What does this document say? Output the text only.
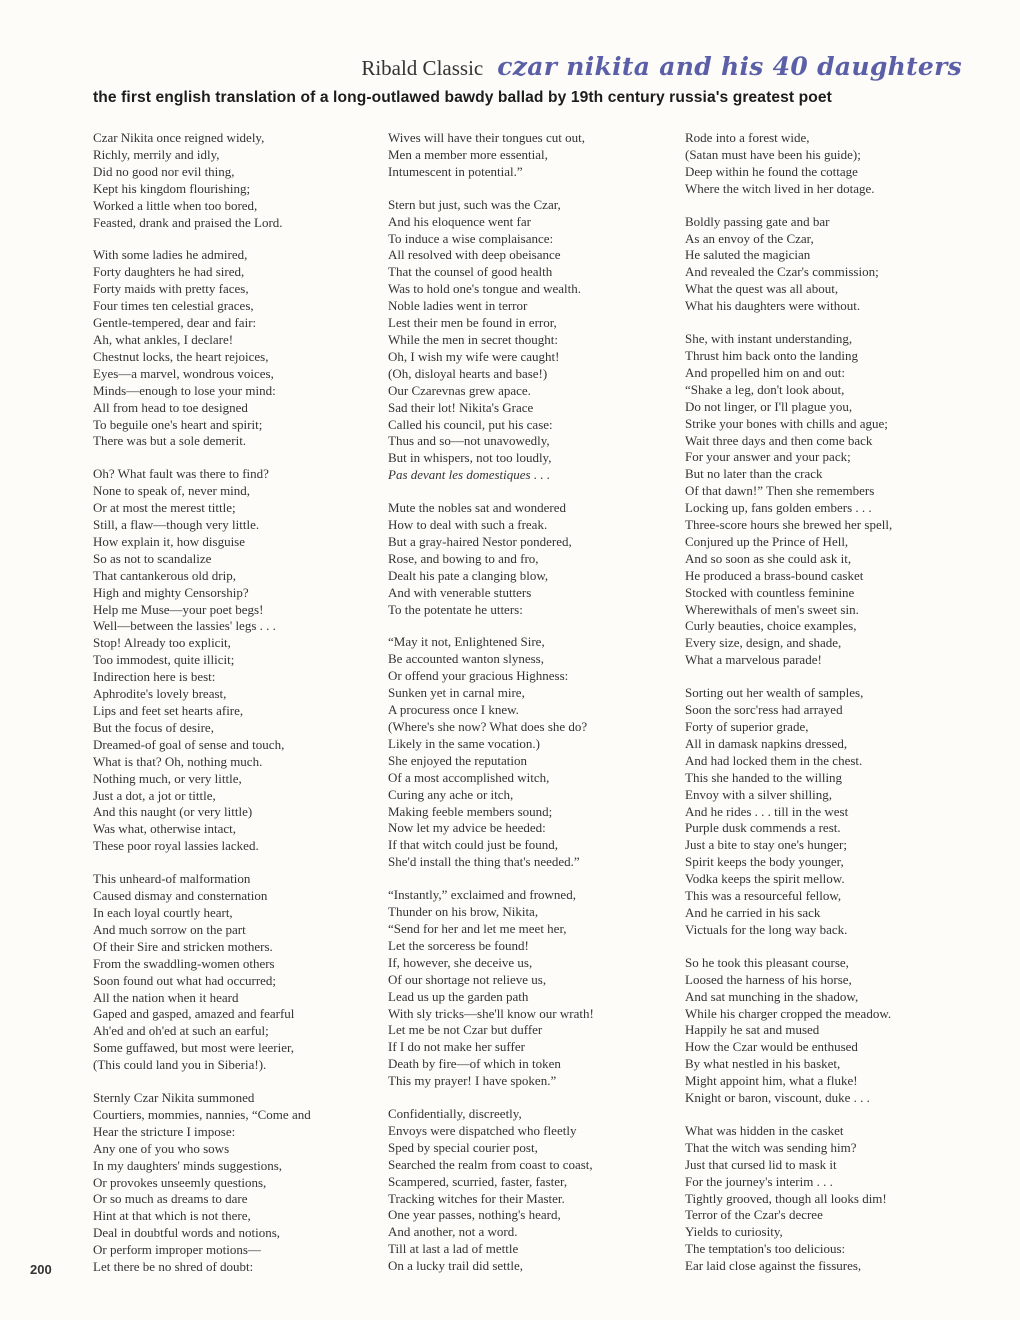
Ribald Classic czar nikita and his 40 daughters
the first english translation of a long-outlawed bawdy ballad by 19th century russia's greatest poet
Czar Nikita once reigned widely,
Richly, merrily and idly,
Did no good nor evil thing,
Kept his kingdom flourishing;
Worked a little when too bored,
Feasted, drank and praised the Lord.
With some ladies he admired,
Forty daughters he had sired,
Forty maids with pretty faces,
Four times ten celestial graces,
Gentle-tempered, dear and fair:
Ah, what ankles, I declare!
Chestnut locks, the heart rejoices,
Eyes—a marvel, wondrous voices,
Minds—enough to lose your mind:
All from head to toe designed
To beguile one's heart and spirit;
There was but a sole demerit.
Oh? What fault was there to find?
None to speak of, never mind,
Or at most the merest tittle;
Still, a flaw—though very little.
How explain it, how disguise
So as not to scandalize
That cantankerous old drip,
High and mighty Censorship?
Help me Muse—your poet begs!
Well—between the lassies' legs . . .
Stop! Already too explicit,
Too immodest, quite illicit;
Indirection here is best:
Aphrodite's lovely breast,
Lips and feet set hearts afire,
But the focus of desire,
Dreamed-of goal of sense and touch,
What is that? Oh, nothing much.
Nothing much, or very little,
Just a dot, a jot or tittle,
And this naught (or very little)
Was what, otherwise intact,
These poor royal lassies lacked.
This unheard-of malformation
Caused dismay and consternation
In each loyal courtly heart,
And much sorrow on the part
Of their Sire and stricken mothers.
From the swaddling-women others
Soon found out what had occurred;
All the nation when it heard
Gaped and gasped, amazed and fearful
Ah'ed and oh'ed at such an earful;
Some guffawed, but most were leerier,
(This could land you in Siberia!).
Sternly Czar Nikita summoned
Courtiers, mommies, nannies, “Come and
Hear the stricture I impose:
Any one of you who sows
In my daughters' minds suggestions,
Or provokes unseemly questions,
Or so much as dreams to dare
Hint at that which is not there,
Deal in doubtful words and notions,
Or perform improper motions—
Let there be no shred of doubt:
Wives will have their tongues cut out,
Men a member more essential,
Intumescent in potential.”
Stern but just, such was the Czar,
And his eloquence went far
To induce a wise complaisance:
All resolved with deep obeisance
That the counsel of good health
Was to hold one's tongue and wealth.
Noble ladies went in terror
Lest their men be found in error,
While the men in secret thought:
Oh, I wish my wife were caught!
(Oh, disloyal hearts and base!)
Our Czarevnas grew apace.
Sad their lot! Nikita's Grace
Called his council, put his case:
Thus and so—not unavowedly,
But in whispers, not too loudly,
Pas devant les domestiques . . .
Mute the nobles sat and wondered
How to deal with such a freak.
But a gray-haired Nestor pondered,
Rose, and bowing to and fro,
Dealt his pate a clanging blow,
And with venerable stutters
To the potentate he utters:
“May it not, Enlightened Sire,
Be accounted wanton slyness,
Or offend your gracious Highness:
Sunken yet in carnal mire,
A procuress once I knew.
(Where's she now? What does she do?
Likely in the same vocation.)
She enjoyed the reputation
Of a most accomplished witch,
Curing any ache or itch,
Making feeble members sound;
Now let my advice be heeded:
If that witch could just be found,
She'd install the thing that's needed.”
“Instantly,” exclaimed and frowned,
Thunder on his brow, Nikita,
“Send for her and let me meet her,
Let the sorceress be found!
If, however, she deceive us,
Of our shortage not relieve us,
Lead us up the garden path
With sly tricks—she'll know our wrath!
Let me be not Czar but duffer
If I do not make her suffer
Death by fire—of which in token
This my prayer! I have spoken.”
Confidentially, discreetly,
Envoys were dispatched who fleetly
Sped by special courier post,
Searched the realm from coast to coast,
Scampered, scurried, faster, faster,
Tracking witches for their Master.
One year passes, nothing's heard,
And another, not a word.
Till at last a lad of mettle
On a lucky trail did settle,
Rode into a forest wide,
(Satan must have been his guide);
Deep within he found the cottage
Where the witch lived in her dotage.
Boldly passing gate and bar
As an envoy of the Czar,
He saluted the magician
And revealed the Czar's commission;
What the quest was all about,
What his daughters were without.
She, with instant understanding,
Thrust him back onto the landing
And propelled him on and out:
“Shake a leg, don't look about,
Do not linger, or I'll plague you,
Strike your bones with chills and ague;
Wait three days and then come back
For your answer and your pack;
But no later than the crack
Of that dawn!” Then she remembers
Locking up, fans golden embers . . .
Three-score hours she brewed her spell,
Conjured up the Prince of Hell,
And so soon as she could ask it,
He produced a brass-bound casket
Stocked with countless feminine
Wherewithals of men's sweet sin.
Curly beauties, choice examples,
Every size, design, and shade,
What a marvelous parade!
Sorting out her wealth of samples,
Soon the sorc'ress had arrayed
Forty of superior grade,
All in damask napkins dressed,
And had locked them in the chest.
This she handed to the willing
Envoy with a silver shilling,
And he rides . . . till in the west
Purple dusk commends a rest.
Just a bite to stay one's hunger;
Spirit keeps the body younger,
Vodka keeps the spirit mellow.
This was a resourceful fellow,
And he carried in his sack
Victuals for the long way back.
So he took this pleasant course,
Loosed the harness of his horse,
And sat munching in the shadow,
While his charger cropped the meadow.
Happily he sat and mused
How the Czar would be enthused
By what nestled in his basket,
Might appoint him, what a fluke!
Knight or baron, viscount, duke . . .
What was hidden in the casket
That the witch was sending him?
Just that cursed lid to mask it
For the journey's interim . . .
Tightly grooved, though all looks dim!
Terror of the Czar's decree
Yields to curiosity,
The temptation's too delicious:
Ear laid close against the fissures,
200
